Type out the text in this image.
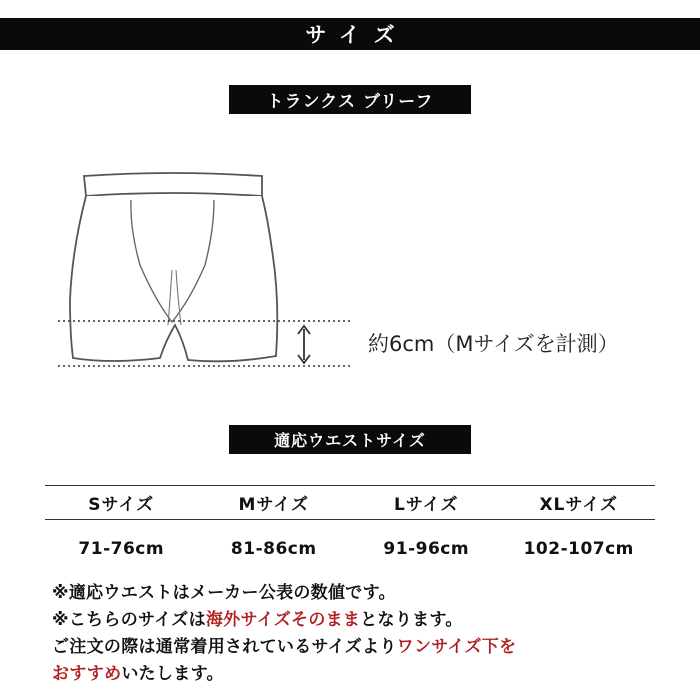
サイズ
トランクス ブリーフ
約6cm（Mサイズを計測）
適応ウエストサイズ
Sサイズ	Mサイズ	Lサイズ	XLサイズ
71-76cm	81-86cm	91-96cm	102-107cm

※適応ウエストはメーカー公表の数値です。

※こちらのサイズは海外サイズそのままとなります。

ご注文の際は通常着用されているサイズよりワンサイズ下を

おすすめいたします。
